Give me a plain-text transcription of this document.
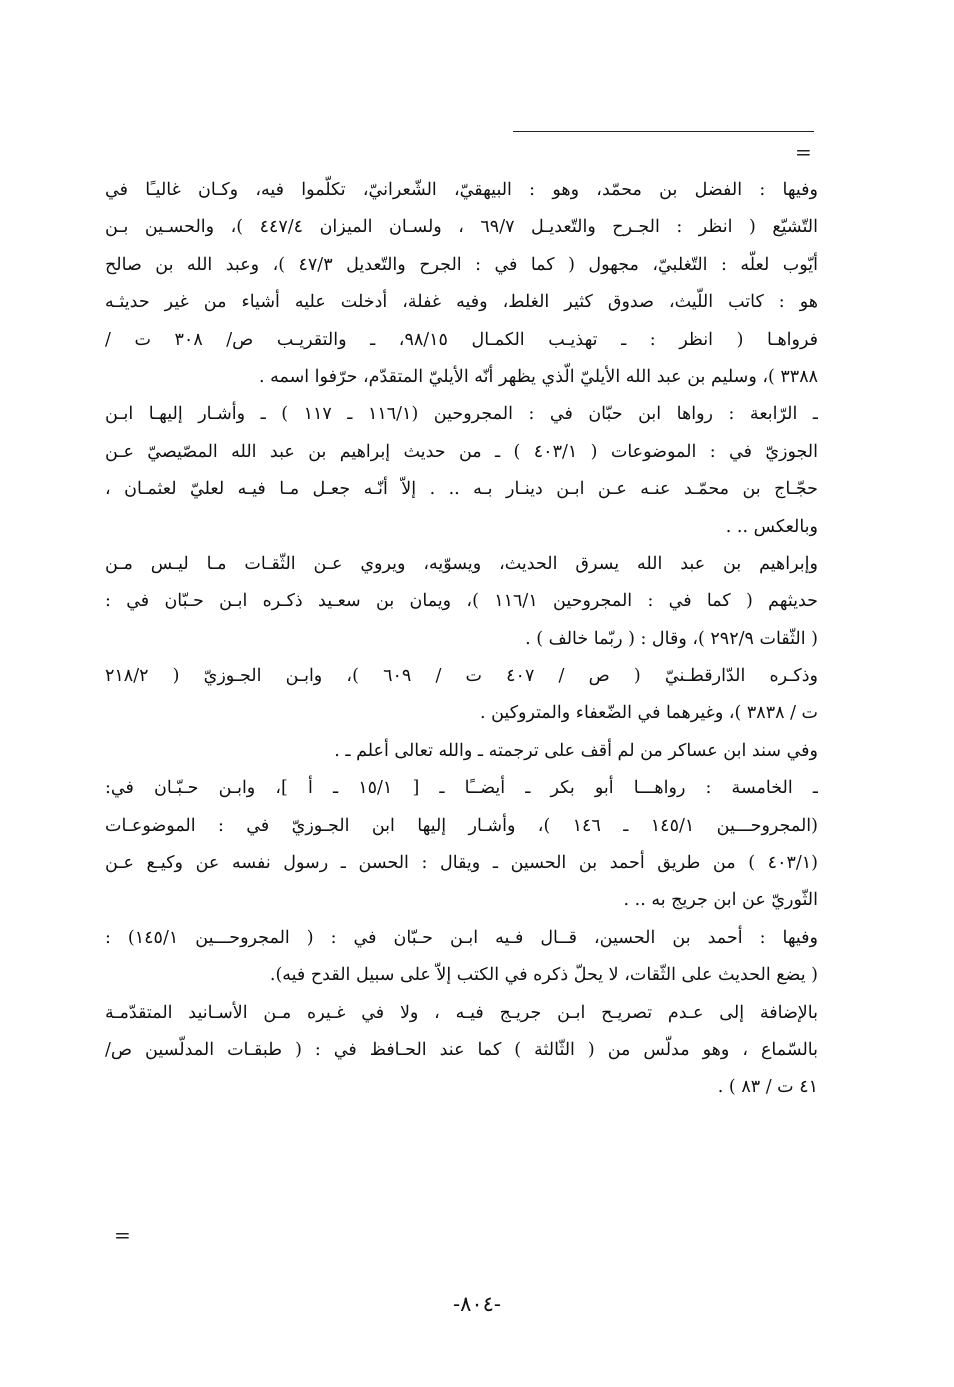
=
وفيها : الفضل بن محمّد، وهو : البيهقيّ، الشّعرانيّ، تكلّموا فيه، وكـان غاليـًا في
التّشيّع ( انظر : الجـرح والتّعديـل ٦٩/٧ ، ولسـان الميزان ٤٤٧/٤ )، والحسـين بـن
أيّوب لعلّه : التّغلبيّ، مجهول ( كما في : الجرح والتّعديل ٤٧/٣ )، وعبد الله بن صالح
هو : كاتب اللّيث، صدوق كثير الغلط، وفيه غفلة، أدخلت عليه أشياء من غير حديثـه
فرواهـا ( انظر : ـ تهذيـب الكمـال ٩٨/١٥، ـ والتقريـب ص/ ٣٠٨ ت /
٣٣٨٨ )، وسليم بن عبد الله الأيليّ الّذي يظهر أنّه الأيليّ المتقدّم، حرّفوا اسمه .
ـ الرّابعة : رواها ابن حبّان في : المجروحين (١١٦/١ ـ ١١٧ ) ـ وأشـار إليهـا ابـن
الجوزيّ في : الموضوعات ( ٤٠٣/١ ) ـ من حديث إبراهيم بن عبد الله المصّيصيّ عـن
حجّـاج بن محمّـد عنـه عـن ابـن دينـار بـه .. . إلاّ أنّـه جعـل مـا فيـه لعليّ لعثمـان ،
وبالعكس .. .
وإبراهيم بن عبد الله يسرق الحديث، ويسوّيه، ويروي عـن الثّقـات مـا ليـس مـن
حديثهم ( كما في : المجروحين ١١٦/١ )، ويمان بن سعـيد ذكـره ابـن حـبّان في :
( الثّقات ٢٩٢/٩ )، وقال : ( ربّما خالف ) .
وذكـره الدّارقطـنيّ ( ص / ٤٠٧ ت / ٦٠٩ )، وابـن الجـوزيّ ( ٢١٨/٢
ت / ٣٨٣٨ )، وغيرهما في الضّعفاء والمتروكين .
وفي سند ابن عساكر من لم أقف على ترجمته ـ والله تعالى أعلم ـ .
ـ الخامسة : رواهـــا أبو بكر ـ أيضــًا ـ [ ١٥/١ ـ أ ]، وابـن حـبّـان في:
(المجروحـــين ١٤٥/١ ـ ١٤٦ )، وأشـار إليها ابن الجـوزيّ في : الموضوعـات
(٤٠٣/١ ) من طريق أحمد بن الحسين ـ ويقال : الحسن ـ رسول نفسه عن وكيـع عـن
الثّوريّ عن ابن جريج به .. .
وفيها : أحمد بن الحسين، قــال فـيه ابـن حـبّان في : ( المجروحـــين ١٤٥/١) :
( يضع الحديث على الثّقات، لا يحلّ ذكره في الكتب إلاّ على سبيل القدح فيه).
بالإضافة إلى عـدم تصريـح ابـن جريـج فيـه ، ولا في غـيره مـن الأسـانيد المتقدّمـة
بالسّماع ، وهو مدلّس من ( الثّالثة ) كما عند الحـافظ في : ( طبقـات المدلّسين ص/
٤١ ت / ٨٣ ) .
=
-٨٠٤-
